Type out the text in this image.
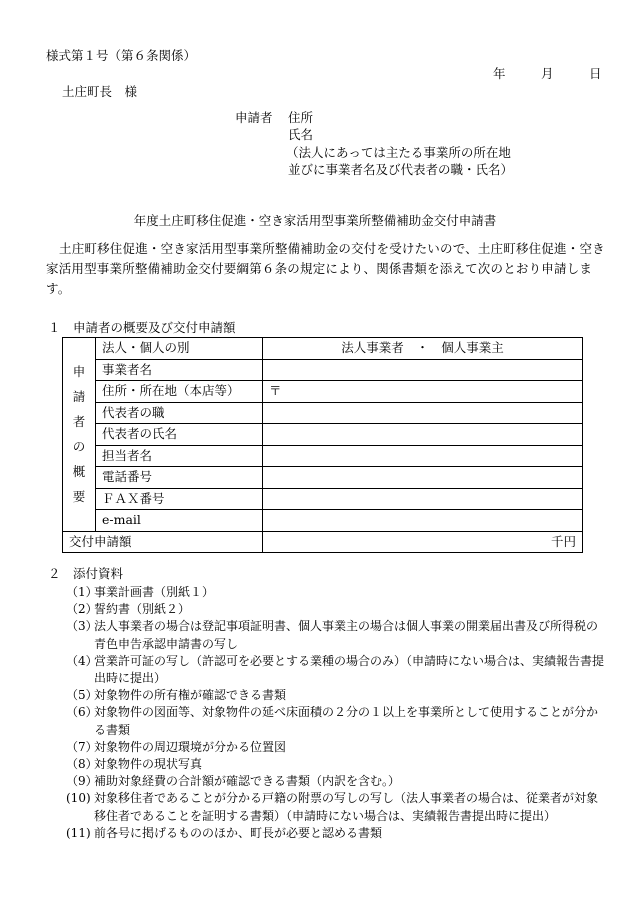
様式第１号（第６条関係）
年	月	日
土庄町長　様
申請者 住所
氏名
（法人にあっては主たる事業所の所在地
並びに事業者名及び代表者の職・氏名）
年度土庄町移住促進・空き家活用型事業所整備補助金交付申請書
土庄町移住促進・空き家活用型事業所整備補助金の交付を受けたいので、土庄町移住促進・空き家活用型事業所整備補助金交付要綱第６条の規定により、関係書類を添えて次のとおり申請します。
１　申請者の概要及び交付申請額
申請者の概要	法人・個人の別	法人事業者　・　個人事業主
	事業者名	
	住所・所在地（本店等）	〒
	代表者の職	
	代表者の氏名	
	担当者名	
	電話番号	
	ＦＡＸ番号	
	e-mail	
交付申請額		千円
２　添付資料
（1）
事業計画書（別紙１）
（2）
誓約書（別紙２）
（3）
法人事業者の場合は登記事項証明書、個人事業主の場合は個人事業の開業届出書及び所得税の青色申告承認申請書の写し
（4）
営業許可証の写し（許認可を必要とする業種の場合のみ）（申請時にない場合は、実績報告書提出時に提出）
（5）
対象物件の所有権が確認できる書類
（6）
対象物件の図面等、対象物件の延べ床面積の２分の１以上を事業所として使用することが分かる書類
（7）
対象物件の周辺環境が分かる位置図
（8）
対象物件の現状写真
（9）
補助対象経費の合計額が確認できる書類（内訳を含む。）
(10) 対象移住者であることが分かる戸籍の附票の写しの写し（法人事業者の場合は、従業者が対象移住者であることを証明する書類）（申請時にない場合は、実績報告書提出時に提出）
(11) 前各号に掲げるもののほか、町長が必要と認める書類
